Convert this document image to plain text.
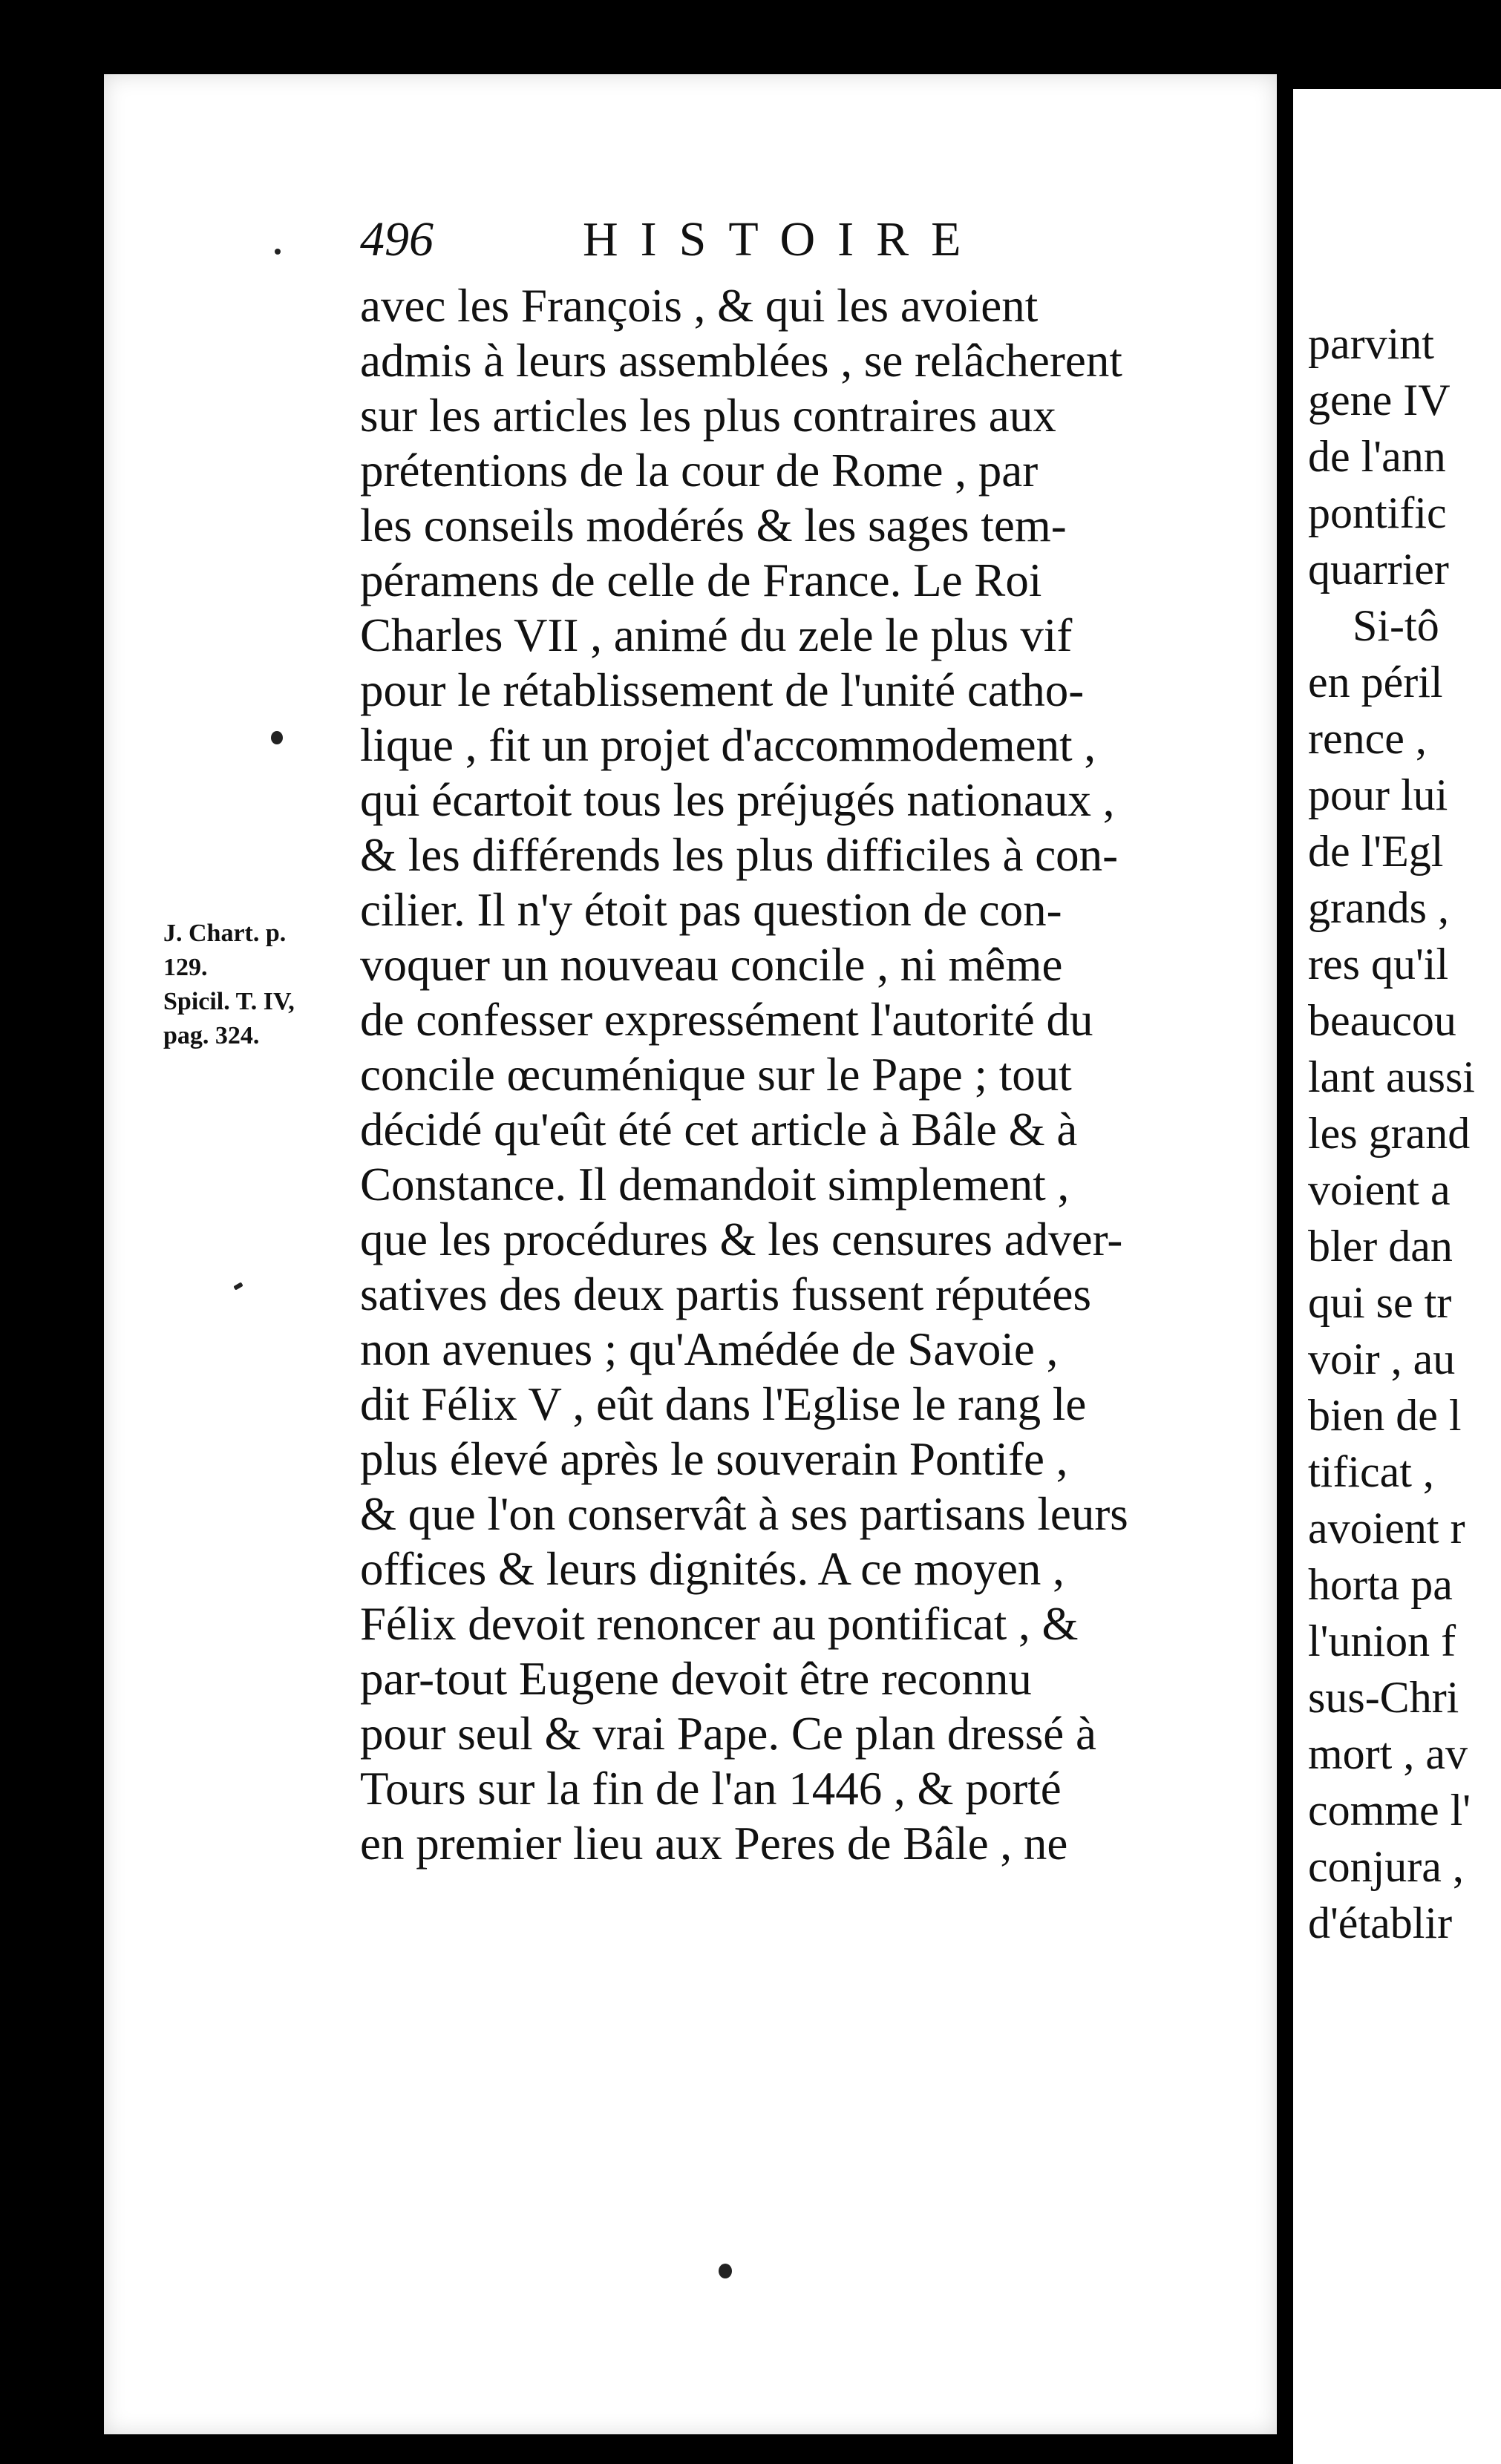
496	HISTOIRE
avec les François , & qui les avoient
admis à leurs assemblées , se relâcherent
sur les articles les plus contraires aux
prétentions de la cour de Rome , par
les conseils modérés & les sages tem-
péramens de celle de France. Le Roi
Charles VII , animé du zele le plus vif
pour le rétablissement de l'unité catho-
lique , fit un projet d'accommodement ,
qui écartoit tous les préjugés nationaux ,
& les différends les plus difficiles à con-
cilier. Il n'y étoit pas question de con-
voquer un nouveau concile , ni même
de confesser expressément l'autorité du
concile œcuménique sur le Pape ; tout
décidé qu'eût été cet article à Bâle & à
Constance. Il demandoit simplement ,
que les procédures & les censures adver-
satives des deux partis fussent réputées
non avenues ; qu'Amédée de Savoie ,
dit Félix V , eût dans l'Eglise le rang le
plus élevé après le souverain Pontife ,
& que l'on conservât à ses partisans leurs
offices & leurs dignités. A ce moyen ,
Félix devoit renoncer au pontificat , &
par-tout Eugene devoit être reconnu
pour seul & vrai Pape. Ce plan dressé à
Tours sur la fin de l'an 1446 , & porté
en premier lieu aux Peres de Bâle , ne
J. Chart. p.
129.
Spicil. T. IV,
pag. 324.
parvint
gene IV
de l'ann
pontific
quarrier
Si-tô
en péril
rence ,
pour lui
de l'Egl
grands ,
res qu'il
beaucou
lant aussi
les grand
voient a
bler dan
qui se tr
voir , au
bien de l
tificat ,
avoient r
horta pa
l'union f
sus-Chri
mort , av
comme l'
conjura ,
d'établir
